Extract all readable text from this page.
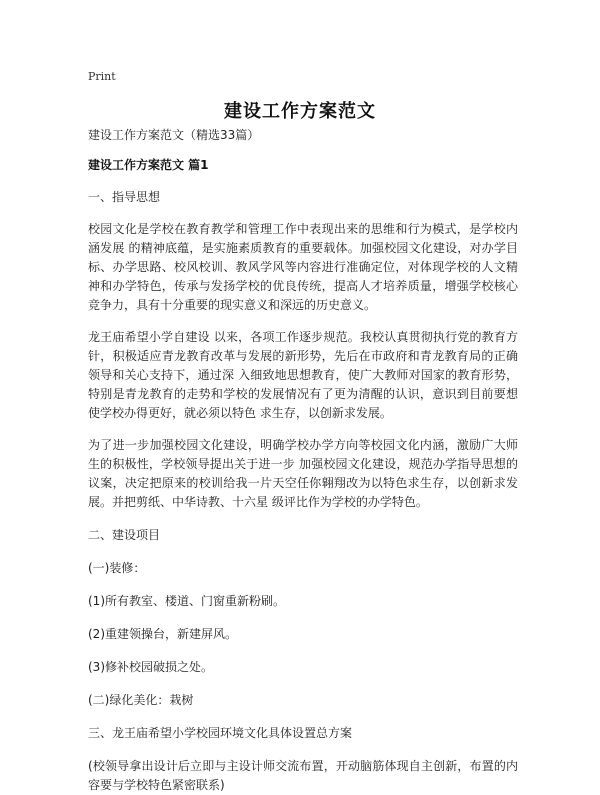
Print
建设工作方案范文

建设工作方案范文（精选33篇）

建设工作方案范文 篇1

一、指导思想

校园文化是学校在教育教学和管理工作中表现出来的思维和行为模式，是学校内涵发展 的精神底蕴，是实施素质教育的重要载体。加强校园文化建设，对办学目标、办学思路、校风校训、教风学风等内容进行准确定位，对体现学校的人文精神和办学特色，传承与发扬学校的优良传统，提高人才培养质量，增强学校核心竞争力，具有十分重要的现实意义和深远的历史意义。

龙王庙希望小学自建设 以来，各项工作逐步规范。我校认真贯彻执行党的教育方针，积极适应青龙教育改革与发展的新形势，先后在市政府和青龙教育局的正确领导和关心支持下，通过深 入细致地思想教育，使广大教师对国家的教育形势，特别是青龙教育的走势和学校的发展情况有了更为清醒的认识，意识到目前要想使学校办得更好，就必须以特色 求生存，以创新求发展。

为了进一步加强校园文化建设，明确学校办学方向等校园文化内涵，激励广大师生的积极性，学校领导提出关于进一步 加强校园文化建设，规范办学指导思想的议案，决定把原来的校训给我一片天空任你翱翔改为以特色求生存，以创新求发展。并把剪纸、中华诗教、十六星 级评比作为学校的办学特色。

二、建设项目

(一)装修：

(1)所有教室、楼道、门窗重新粉刷。

(2)重建领操台，新建屏风。

(3)修补校园破损之处。

(二)绿化美化：栽树

三、龙王庙希望小学校园环境文化具体设置总方案

(校领导拿出设计后立即与主设计师交流布置，开动脑筋体现自主创新，布置的内容要与学校特色紧密联系)
